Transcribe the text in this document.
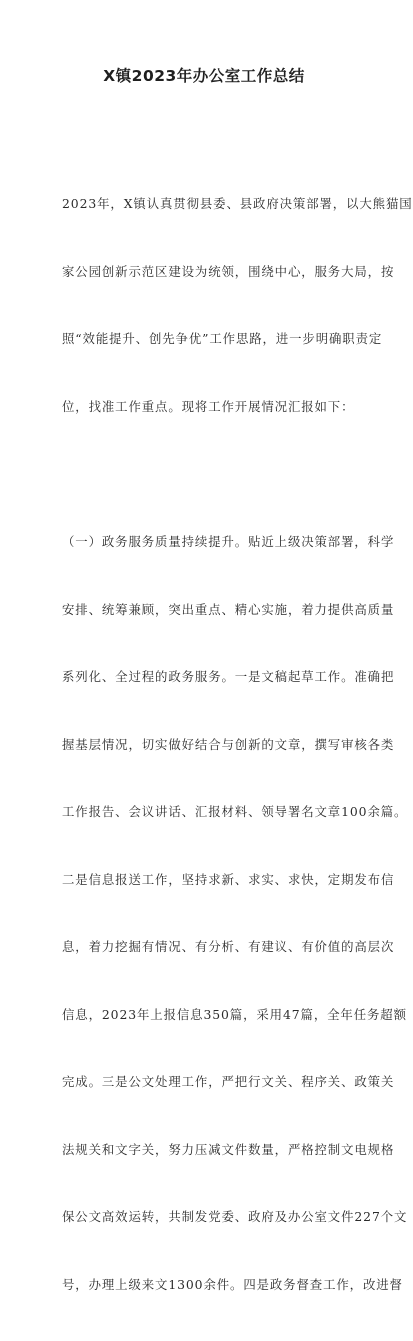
X镇2023年办公室工作总结

2023年，X镇认真贯彻县委、县政府决策部署，以大熊猫国

家公园创新示范区建设为统领，围绕中心，服务大局，按

照“效能提升、创先争优”工作思路，进一步明确职责定

位，找准工作重点。现将工作开展情况汇报如下：

（一）政务服务质量持续提升。贴近上级决策部署，科学

安排、统筹兼顾，突出重点、精心实施，着力提供高质量

系列化、全过程的政务服务。一是文稿起草工作。准确把

握基层情况，切实做好结合与创新的文章，撰写审核各类

工作报告、会议讲话、汇报材料、领导署名文章100余篇。

二是信息报送工作，坚持求新、求实、求快，定期发布信

息，着力挖掘有情况、有分析、有建议、有价值的高层次

信息，2023年上报信息350篇，采用47篇，全年任务超额

完成。三是公文处理工作，严把行文关、程序关、政策关

法规关和文字关，努力压减文件数量，严格控制文电规格

保公文高效运转，共制发党委、政府及办公室文件227个文

号，办理上级来文1300余件。四是政务督查工作，改进督
